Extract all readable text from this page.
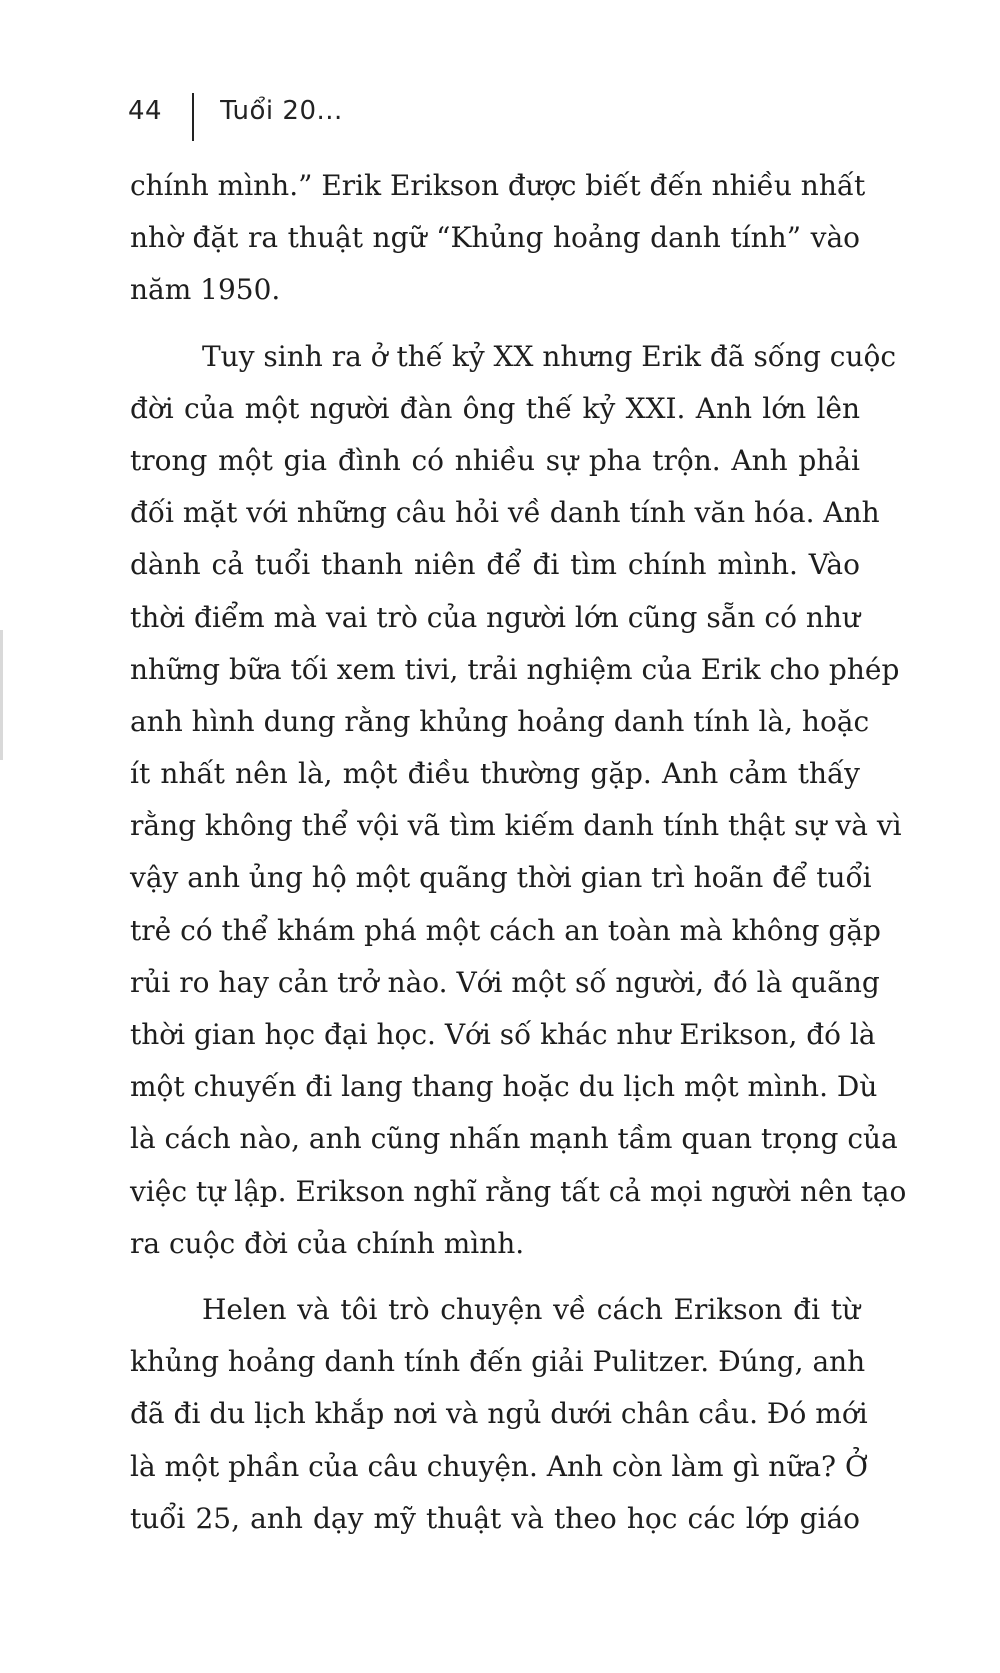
44 Tuổi 20...
chính mình.” Erik Erikson được biết đến nhiều nhất
nhờ đặt ra thuật ngữ “Khủng hoảng danh tính” vào
năm 1950.
Tuy sinh ra ở thế kỷ XX nhưng Erik đã sống cuộc
đời của một người đàn ông thế kỷ XXI. Anh lớn lên
trong một gia đình có nhiều sự pha trộn. Anh phải
đối mặt với những câu hỏi về danh tính văn hóa. Anh
dành cả tuổi thanh niên để đi tìm chính mình. Vào
thời điểm mà vai trò của người lớn cũng sẵn có như
những bữa tối xem tivi, trải nghiệm của Erik cho phép
anh hình dung rằng khủng hoảng danh tính là, hoặc
ít nhất nên là, một điều thường gặp. Anh cảm thấy
rằng không thể vội vã tìm kiếm danh tính thật sự và vì
vậy anh ủng hộ một quãng thời gian trì hoãn để tuổi
trẻ có thể khám phá một cách an toàn mà không gặp
rủi ro hay cản trở nào. Với một số người, đó là quãng
thời gian học đại học. Với số khác như Erikson, đó là
một chuyến đi lang thang hoặc du lịch một mình. Dù
là cách nào, anh cũng nhấn mạnh tầm quan trọng của
việc tự lập. Erikson nghĩ rằng tất cả mọi người nên tạo
ra cuộc đời của chính mình.
Helen và tôi trò chuyện về cách Erikson đi từ
khủng hoảng danh tính đến giải Pulitzer. Đúng, anh
đã đi du lịch khắp nơi và ngủ dưới chân cầu. Đó mới
là một phần của câu chuyện. Anh còn làm gì nữa? Ở
tuổi 25, anh dạy mỹ thuật và theo học các lớp giáo
